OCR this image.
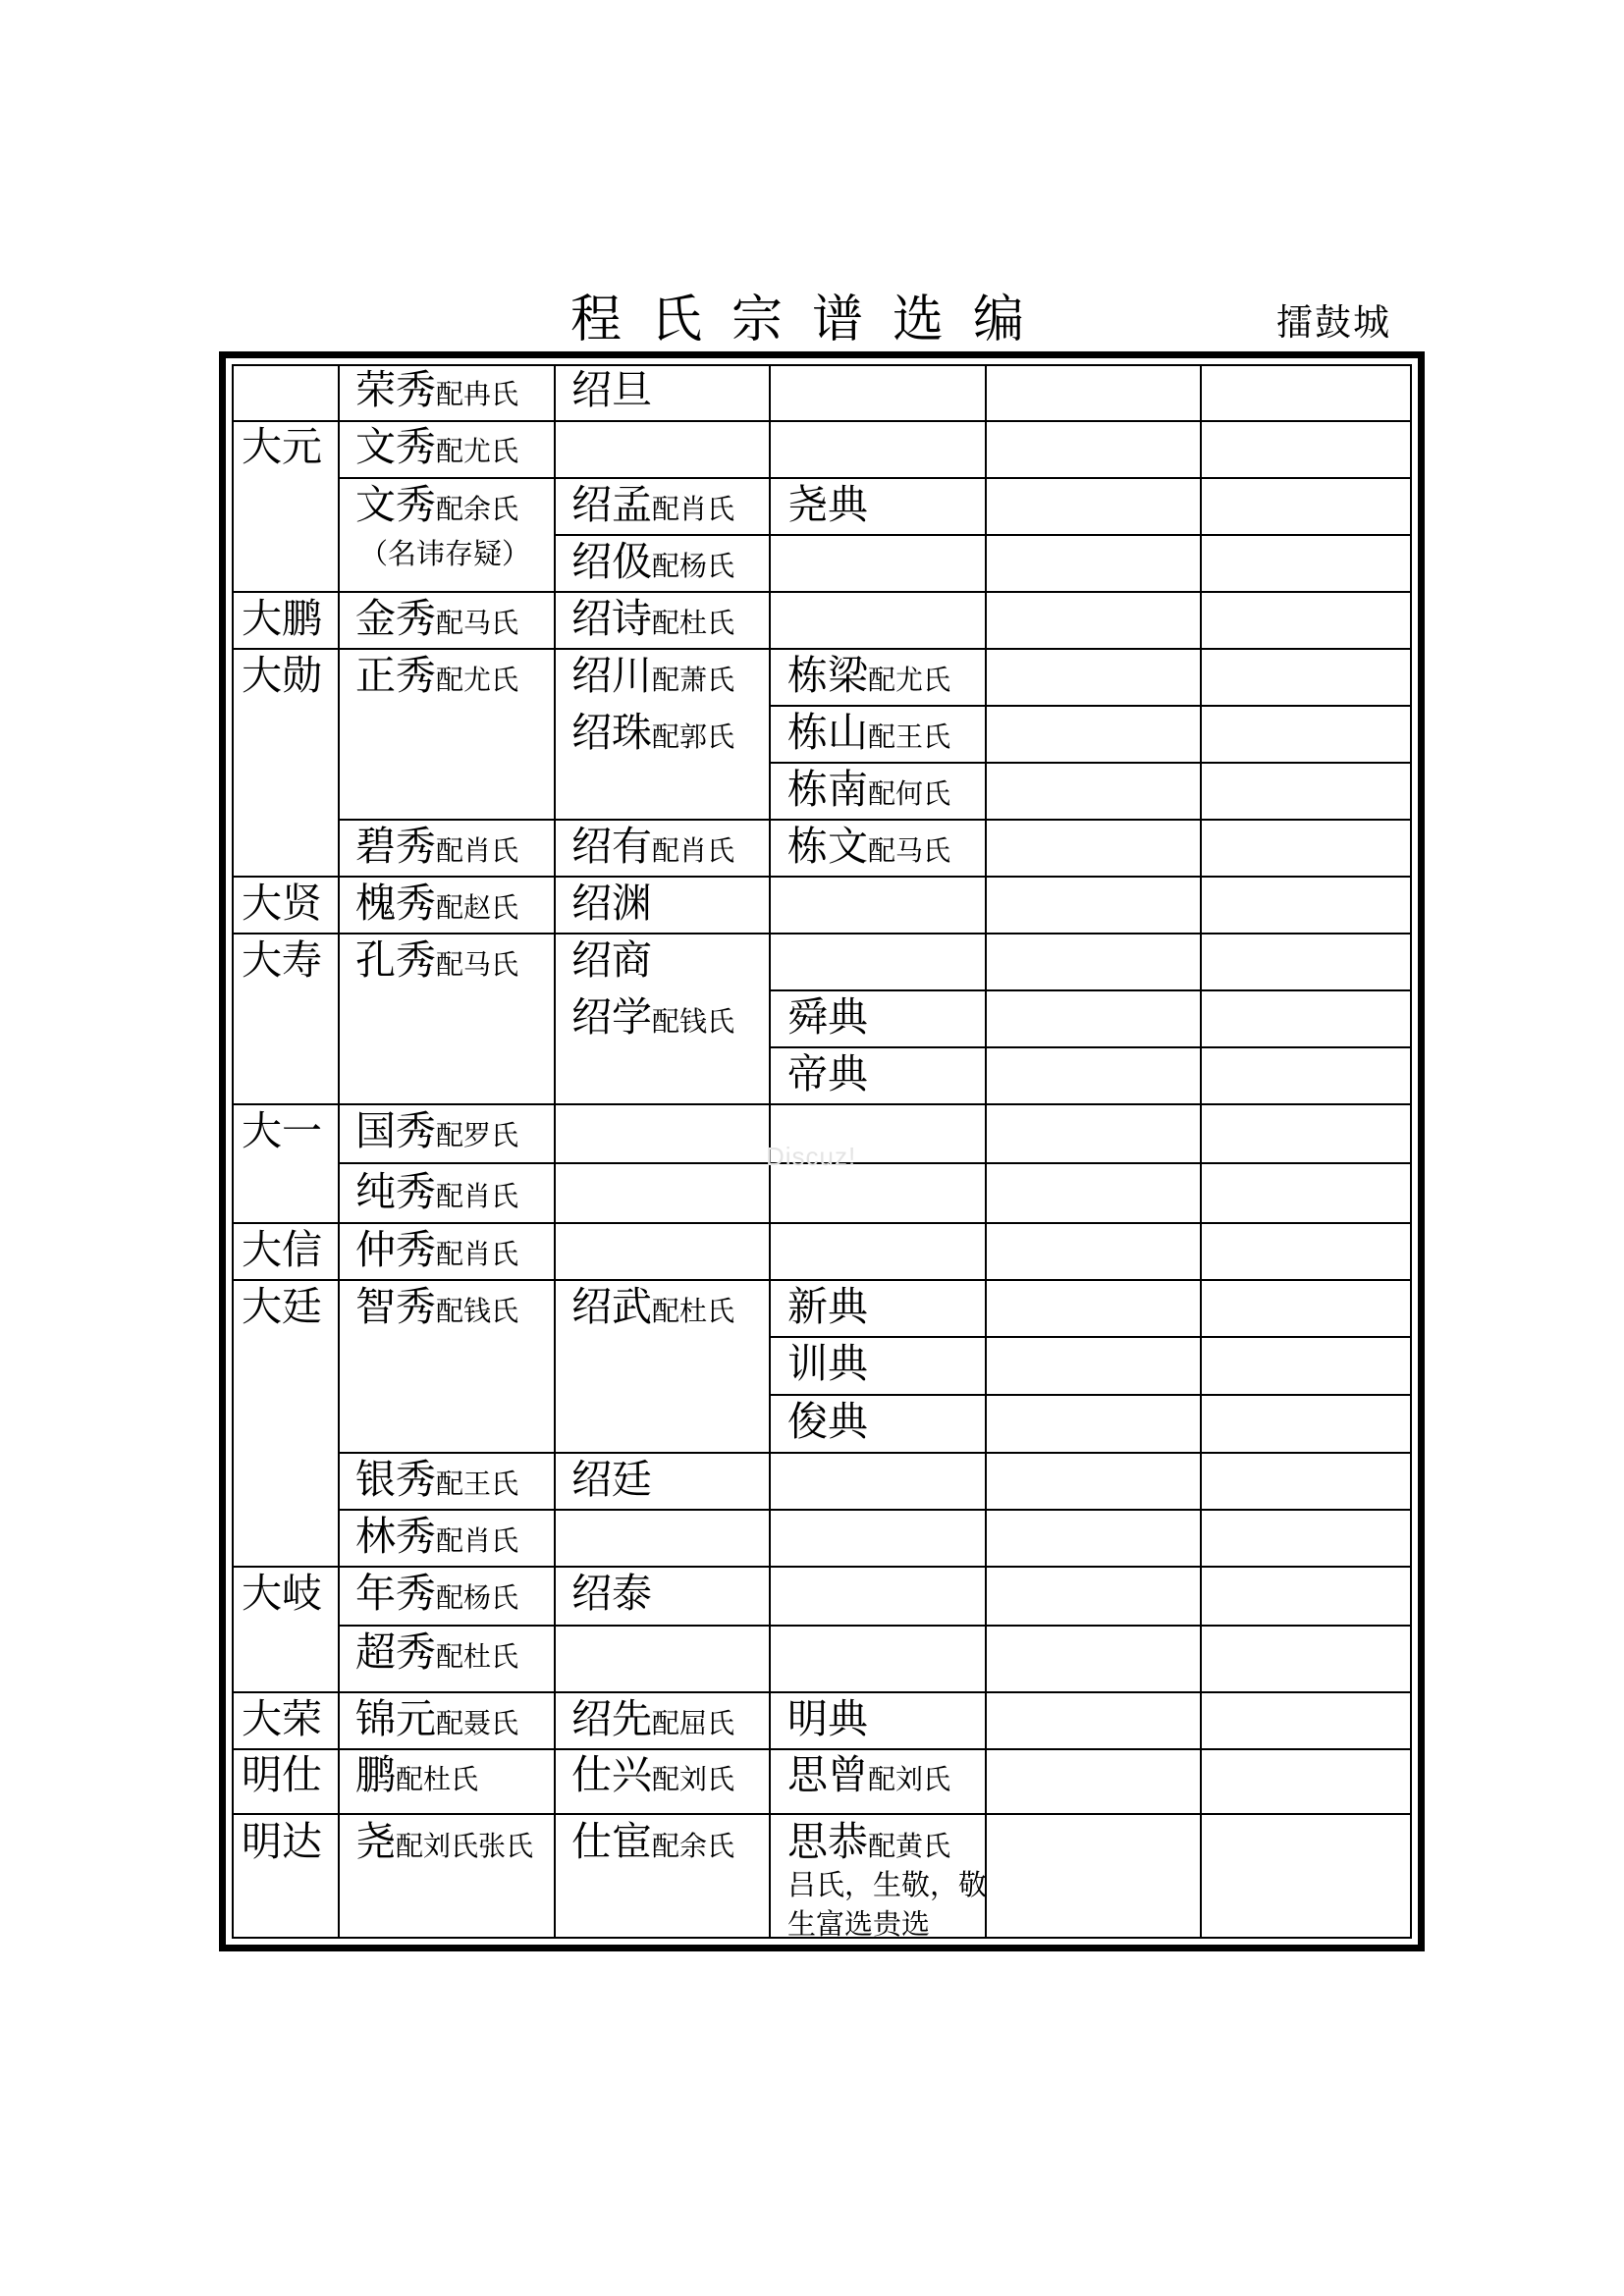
程氏宗谱选编	擂鼓城
荣秀配冉氏 绍旦
大元 文秀配尤氏
文秀配余氏
（名讳存疑）
绍孟配肖氏 尧典
绍伋配杨氏
大鹏 金秀配马氏 绍诗配杜氏
大勋 正秀配尤氏 绍川配萧氏 栋梁配尤氏
绍珠配郭氏 栋山配王氏
栋南配何氏
碧秀配肖氏 绍有配肖氏 栋文配马氏
大贤 槐秀配赵氏 绍渊
大寿 孔秀配马氏 绍商
绍学配钱氏 舜典
帝典
大一 国秀配罗氏
纯秀配肖氏
大信 仲秀配肖氏
大廷 智秀配钱氏 绍武配杜氏 新典
训典
俊典
银秀配王氏 绍廷
林秀配肖氏
大岐 年秀配杨氏 绍泰
超秀配杜氏
大荣 锦元配聂氏 绍先配屈氏 明典
明仕 鹏配杜氏 仕兴配刘氏 思曾配刘氏
明达 尧配刘氏张氏 仕宦配余氏 思恭配黄氏
吕氏，生敬，敬
生富选贵选
Discuz!
